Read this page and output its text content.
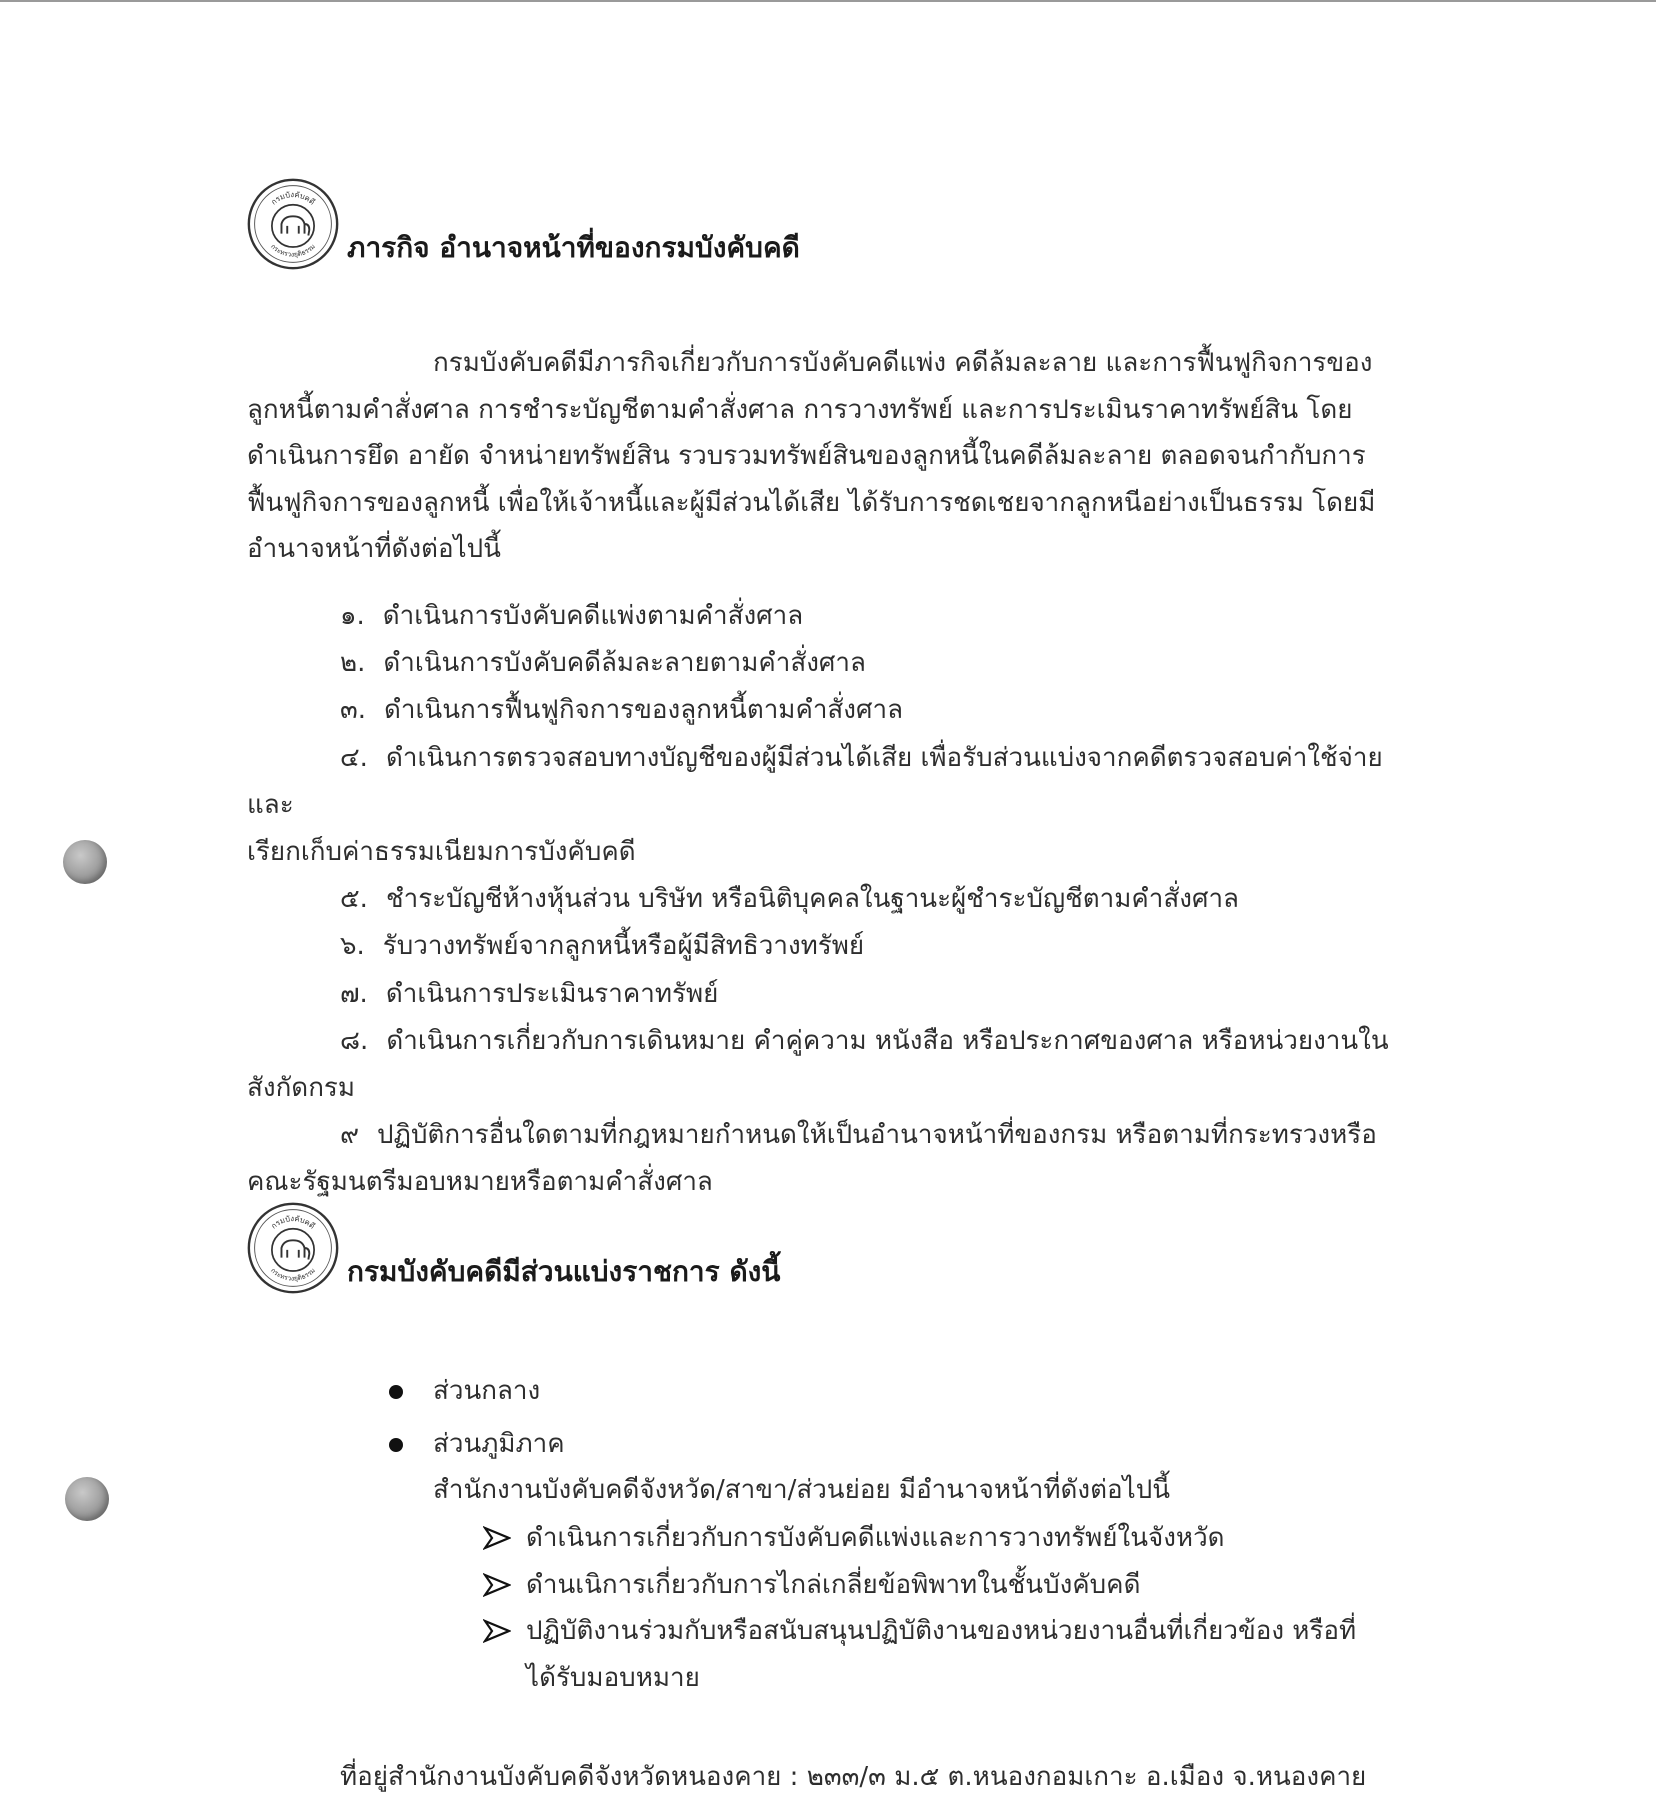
กรมบังคับคดี
กระทรวงยุติธรรม ภารกิจ อำนาจหน้าที่ของกรมบังคับคดี
กรมบังคับคดีมีภารกิจเกี่ยวกับการบังคับคดีแพ่ง คดีล้มละลาย และการฟื้นฟูกิจการของ
ลูกหนี้ตามคำสั่งศาล การชำระบัญชีตามคำสั่งศาล การวางทรัพย์ และการประเมินราคาทรัพย์สิน โดย
ดำเนินการยึด อายัด จำหน่ายทรัพย์สิน รวบรวมทรัพย์สินของลูกหนี้ในคดีล้มละลาย ตลอดจนกำกับการ
ฟื้นฟูกิจการของลูกหนี้ เพื่อให้เจ้าหนี้และผู้มีส่วนได้เสีย ได้รับการชดเชยจากลูกหนีอย่างเป็นธรรม โดยมี
อำนาจหน้าที่ดังต่อไปนี้
๑. ดำเนินการบังคับคดีแพ่งตามคำสั่งศาล
๒. ดำเนินการบังคับคดีล้มละลายตามคำสั่งศาล
๓. ดำเนินการฟื้นฟูกิจการของลูกหนี้ตามคำสั่งศาล
๔. ดำเนินการตรวจสอบทางบัญชีของผู้มีส่วนได้เสีย เพื่อรับส่วนแบ่งจากคดีตรวจสอบค่าใช้จ่ายและ
เรียกเก็บค่าธรรมเนียมการบังคับคดี
๕. ชำระบัญชีห้างหุ้นส่วน บริษัท หรือนิติบุคคลในฐานะผู้ชำระบัญชีตามคำสั่งศาล
๖. รับวางทรัพย์จากลูกหนี้หรือผู้มีสิทธิวางทรัพย์
๗. ดำเนินการประเมินราคาทรัพย์
๘. ดำเนินการเกี่ยวกับการเดินหมาย คำคู่ความ หนังสือ หรือประกาศของศาล หรือหน่วยงานใน
สังกัดกรม
๙ ปฏิบัติการอื่นใดตามที่กฎหมายกำหนดให้เป็นอำนาจหน้าที่ของกรม หรือตามที่กระทรวงหรือ
คณะรัฐมนตรีมอบหมายหรือตามคำสั่งศาล
กรมบังคับคดี
กระทรวงยุติธรรม กรมบังคับคดีมีส่วนแบ่งราชการ ดังนี้
ส่วนกลาง
ส่วนภูมิภาค
สำนักงานบังคับคดีจังหวัด/สาขา/ส่วนย่อย มีอำนาจหน้าที่ดังต่อไปนี้
ดำเนินการเกี่ยวกับการบังคับคดีแพ่งและการวางทรัพย์ในจังหวัด
ดำนเนิการเกี่ยวกับการไกล่เกลี่ยข้อพิพาทในชั้นบังคับคดี
ปฏิบัติงานร่วมกับหรือสนับสนุนปฏิบัติงานของหน่วยงานอื่นที่เกี่ยวข้อง หรือที่
ได้รับมอบหมาย
ที่อยู่สำนักงานบังคับคดีจังหวัดหนองคาย : ๒๓๓/๓ ม.๕ ต.หนองกอมเกาะ อ.เมือง จ.หนองคาย
